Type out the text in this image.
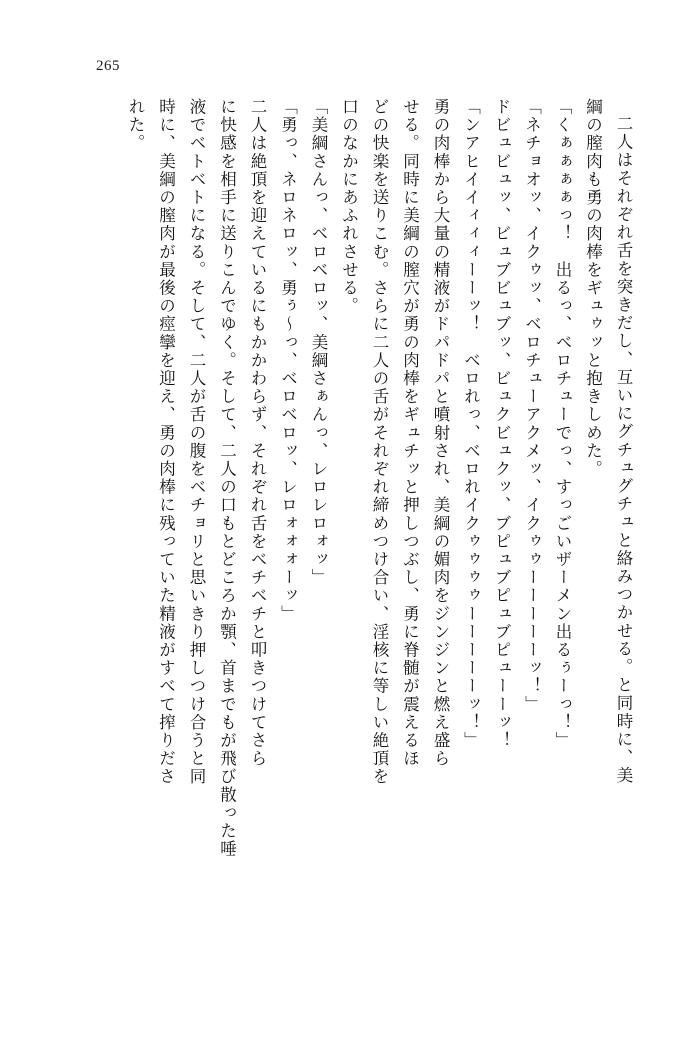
265
二人はそれぞれ舌を突きだし、互いにグチュグチュと絡みつかせる。と同時に、美
綱の膣肉も勇の肉棒をギュゥッと抱きしめた。
「くぁぁぁぁっ！　出るっ、ベロチューでっ、すっごいザーメン出るぅーっ！」
「ネチョオッ、イクゥッ、ベロチューアクメッ、イクゥゥーーーーーッ！」
ドビュビュッ、ビュブビュブッ、ビュクビュクッ、ブピュブピュブピューーッ！
「ンアヒイイィィィーーッ！　ベロれっ、ベロれイクゥゥゥゥーーーーーッ！」
勇の肉棒から大量の精液がドパドパと噴射され、美綱の媚肉をジンジンと燃え盛ら
せる。同時に美綱の膣穴が勇の肉棒をギュチッと押しつぶし、勇に脊髄が震えるほ
どの快楽を送りこむ。さらに二人の舌がそれぞれ締めつけ合い、淫核に等しい絶頂を
口のなかにあふれさせる。
「美綱さんっ、ベロベロッ、美綱さぁんっ、レロレロォッ」
「勇っ、ネロネロッ、勇ぅ～っ、ベロベロッ、レロォォォーッ」
二人は絶頂を迎えているにもかかわらず、それぞれ舌をベチベチと叩きつけてさら
に快感を相手に送りこんでゆく。そして、二人の口もとどころか顎、首までもが飛び散った唾
液でベトベトになる。そして、二人が舌の腹をベチョリと思いきり押しつけ合うと同
時に、美綱の膣肉が最後の痙攣を迎え、勇の肉棒に残っていた精液がすべて搾りださ
れた。
